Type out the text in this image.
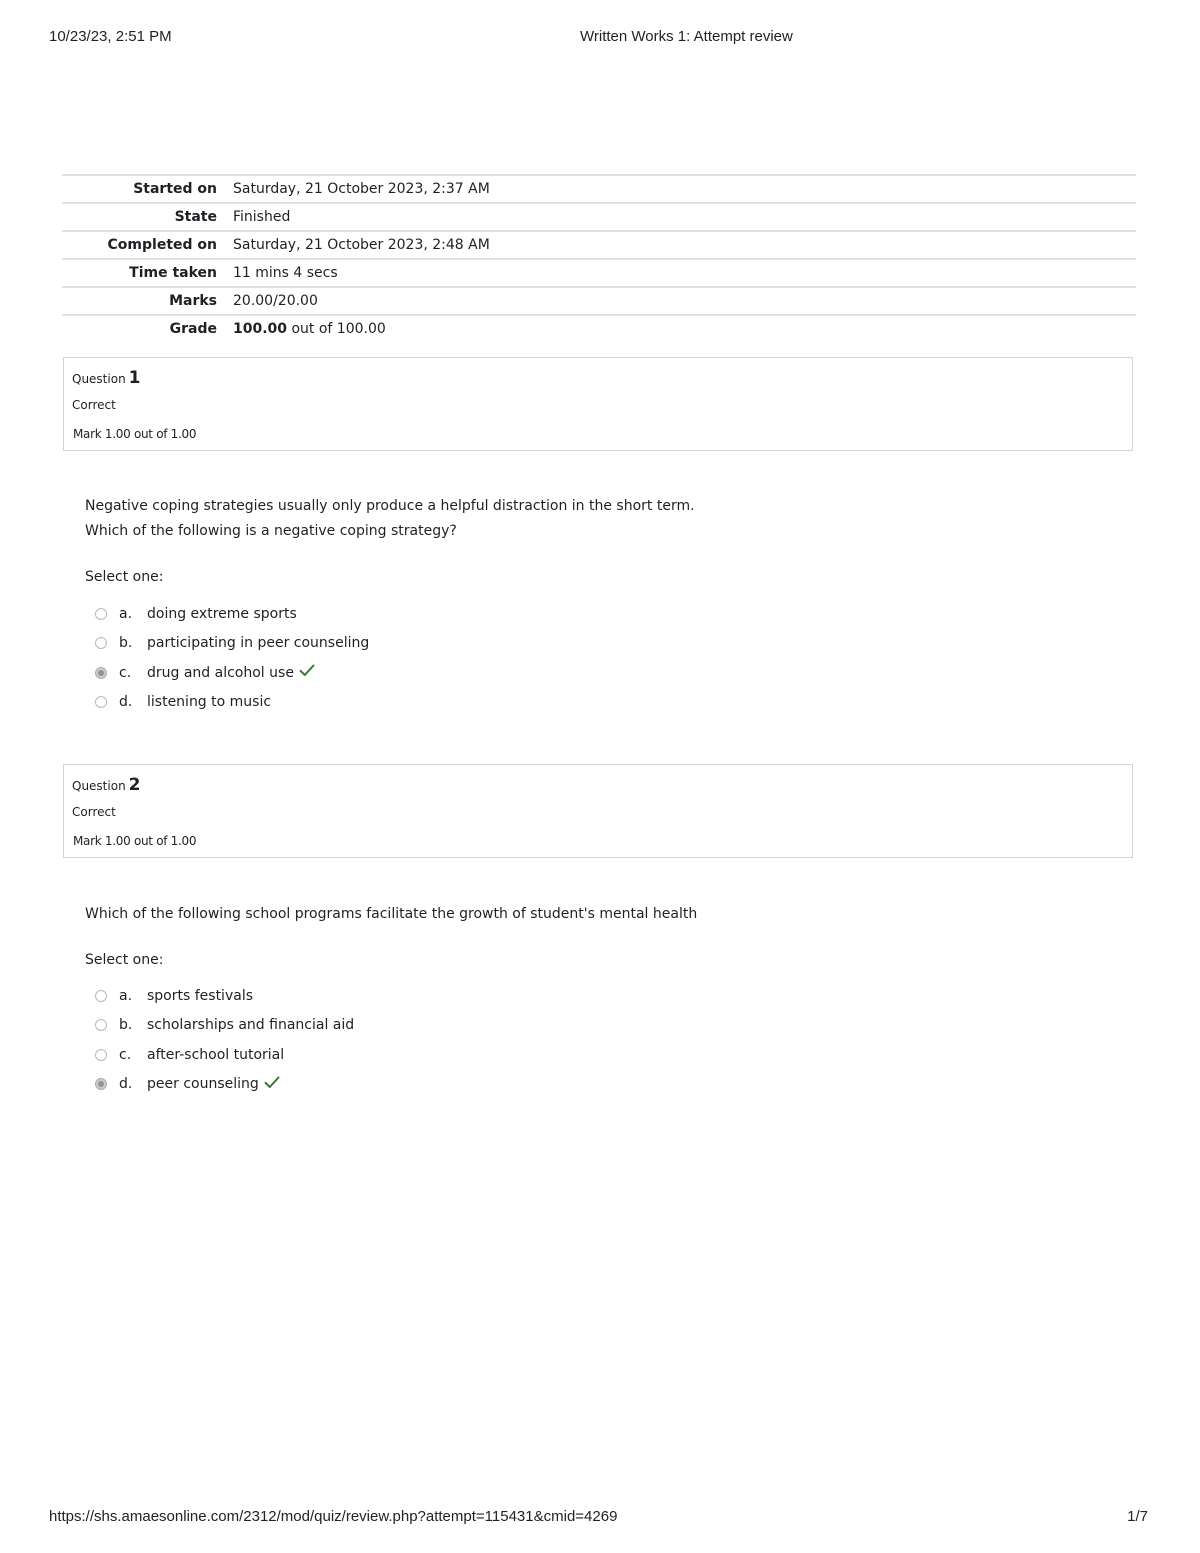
10/23/23, 2:51 PM	Written Works 1: Attempt review
Started on	Saturday, 21 October 2023, 2:37 AM
State	Finished
Completed on	Saturday, 21 October 2023, 2:48 AM
Time taken	11 mins 4 secs
Marks	20.00/20.00
Grade	100.00 out of 100.00
Question 1
Correct
Mark 1.00 out of 1.00
Negative coping strategies usually only produce a helpful distraction in the short term.
Which of the following is a negative coping strategy?
Select one:
a.	doing extreme sports
b.	participating in peer counseling
c.	drug and alcohol use
d.	listening to music
Question 2
Correct
Mark 1.00 out of 1.00
Which of the following school programs facilitate the growth of student's mental health
Select one:
a.	sports festivals
b.	scholarships and financial aid
c.	after-school tutorial
d.	peer counseling
https://shs.amaesonline.com/2312/mod/quiz/review.php?attempt=115431&cmid=4269	1/7
